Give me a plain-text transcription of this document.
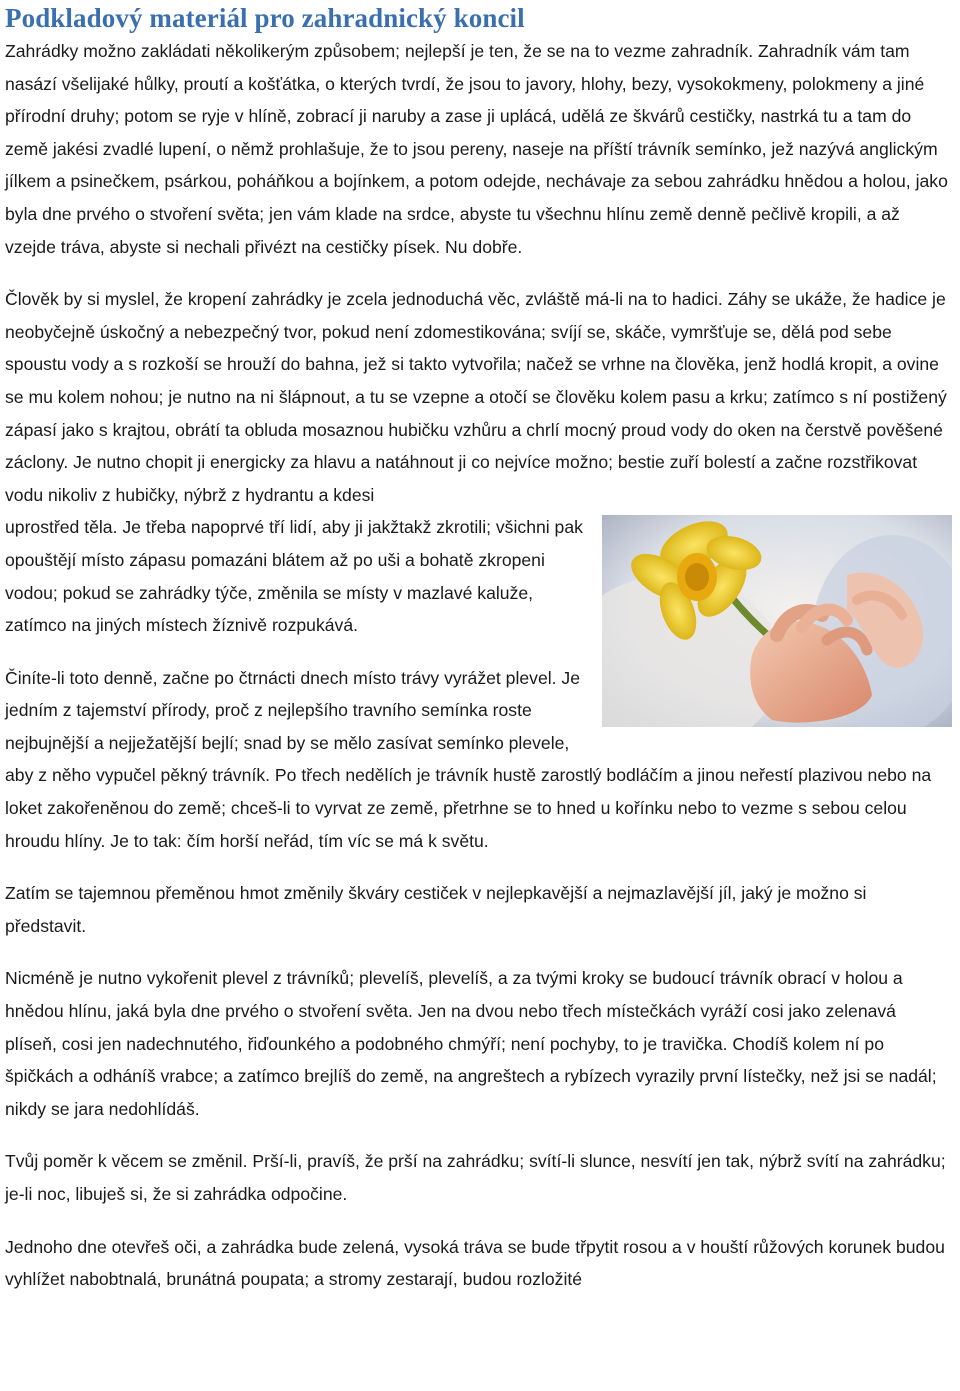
Podkladový materiál pro zahradnický koncil

Zahrádky možno zakládati několikerým způsobem; nejlepší je ten, že se na to vezme zahradník. Zahradník vám tam nasází všelijaké hůlky, proutí a košťátka, o kterých tvrdí, že jsou to javory, hlohy, bezy, vysokokmeny, polokmeny a jiné přírodní druhy; potom se ryje v hlíně, zobrací ji naruby a zase ji uplácá, udělá ze škvárů cestičky, nastrká tu a tam do země jakési zvadlé lupení, o němž prohlašuje, že to jsou pereny, naseje na příští trávník semínko, jež nazývá anglickým jílkem a psinečkem, psárkou, poháňkou a bojínkem, a potom odejde, nechávaje za sebou zahrádku hnědou a holou, jako byla dne prvého o stvoření světa; jen vám klade na srdce, abyste tu všechnu hlínu země denně pečlivě kropili, a až vzejde tráva, abyste si nechali přivézt na cestičky písek. Nu dobře.

Člověk by si myslel, že kropení zahrádky je zcela jednoduchá věc, zvláště má-li na to hadici. Záhy se ukáže, že hadice je neobyčejně úskočný a nebezpečný tvor, pokud není zdomestikována; svíjí se, skáče, vymršťuje se, dělá pod sebe spoustu vody a s rozkoší se hrouží do bahna, jež si takto vytvořila; načež se vrhne na člověka, jenž hodlá kropit, a ovine se mu kolem nohou; je nutno na ni šlápnout, a tu se vzepne a otočí se člověku kolem pasu a krku; zatímco s ní postižený zápasí jako s krajtou, obrátí ta obluda mosaznou hubičku vzhůru a chrlí mocný proud vody do oken na čerstvě pověšené záclony. Je nutno chopit ji energicky za hlavu a natáhnout ji co nejvíce možno; bestie zuří bolestí a začne rozstřikovat vodu nikoliv z hubičky, nýbrž z hydrantu a kdesi

uprostřed těla. Je třeba napoprvé tří lidí, aby ji jakžtakž zkrotili; všichni pak opouštějí místo zápasu pomazáni blátem až po uši a bohatě zkropeni vodou; pokud se zahrádky týče, změnila se místy v mazlavé kaluže, zatímco na jiných místech žíznivě rozpukává.

Činíte-li toto denně, začne po čtrnácti dnech místo trávy vyrážet plevel. Je jedním z tajemství přírody, proč z nejlepšího travního semínka roste nejbujnější a nejježatější bejlí; snad by se mělo zasívat semínko plevele, aby z něho vypučel pěkný trávník. Po třech nedělích je trávník hustě zarostlý bodláčím a jinou neřestí plazivou nebo na loket zakořeněnou do země; chceš-li to vyrvat ze země, přetrhne se to hned u kořínku nebo to vezme s sebou celou hroudu hlíny. Je to tak: čím horší neřád, tím víc se má k světu.

Zatím se tajemnou přeměnou hmot změnily škváry cestiček v nejlepkavější a nejmazlavější jíl, jaký je možno si představit.

Nicméně je nutno vykořenit plevel z trávníků; plevelíš, plevelíš, a za tvými kroky se budoucí trávník obrací v holou a hnědou hlínu, jaká byla dne prvého o stvoření světa. Jen na dvou nebo třech místečkách vyráží cosi jako zelenavá plíseň, cosi jen nadechnutého, řiďounkého a podobného chmýří; není pochyby, to je travička. Chodíš kolem ní po špičkách a odháníš vrabce; a zatímco brejlíš do země, na angreštech a rybízech vyrazily první lístečky, než jsi se nadál; nikdy se jara nedohlídáš.

Tvůj poměr k věcem se změnil. Prší-li, pravíš, že prší na zahrádku; svítí-li slunce, nesvítí jen tak, nýbrž svítí na zahrádku; je-li noc, libuješ si, že si zahrádka odpočine.

Jednoho dne otevřeš oči, a zahrádka bude zelená, vysoká tráva se bude třpytit rosou a v houští růžových korunek budou vyhlížet nabobtnalá, brunátná poupata; a stromy zestarají, budou rozložité
